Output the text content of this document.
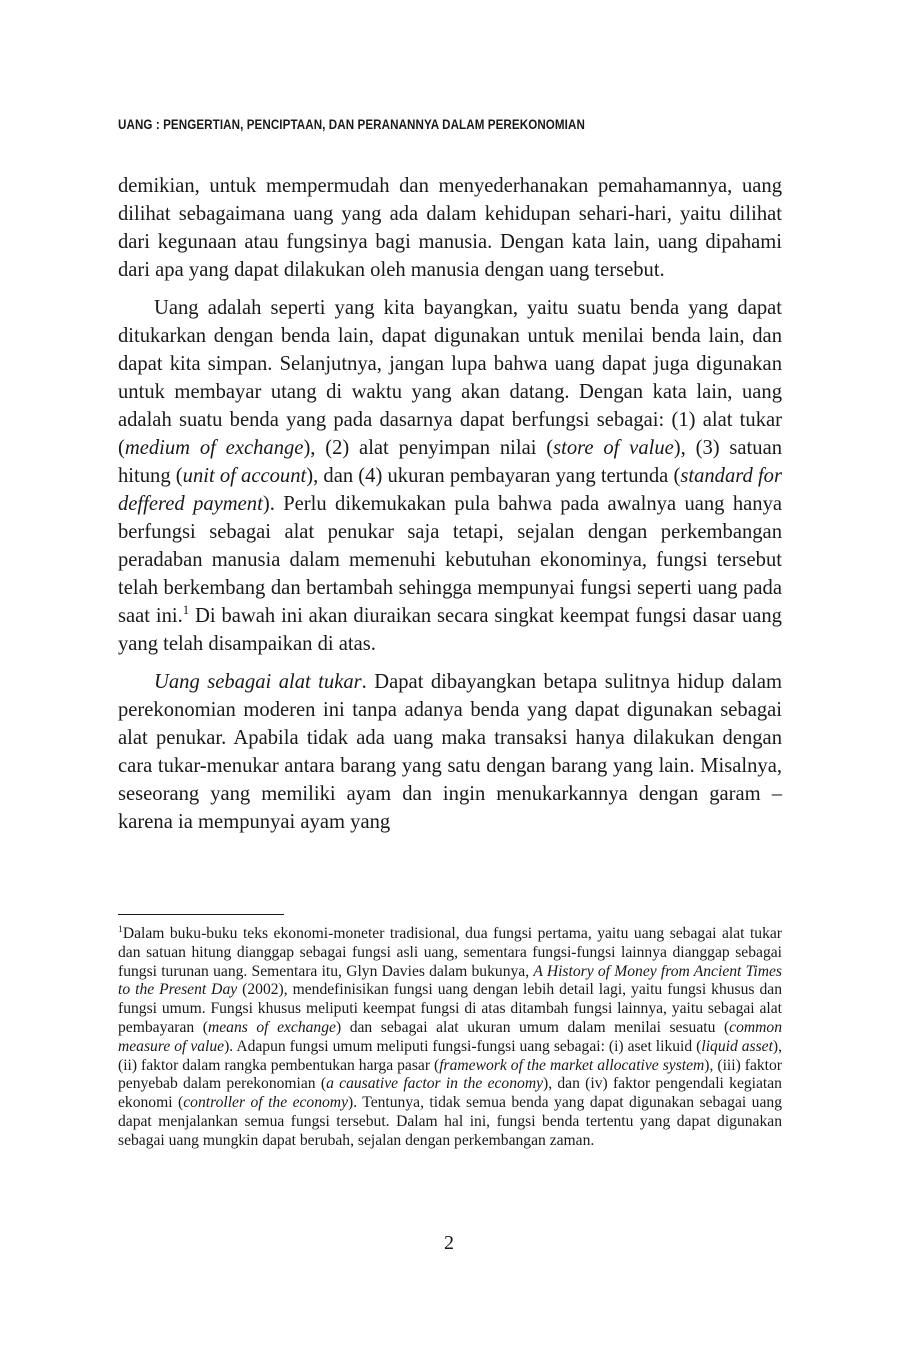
UANG : PENGERTIAN, PENCIPTAAN, DAN PERANANNYA DALAM PEREKONOMIAN

demikian, untuk mempermudah dan menyederhanakan pemahamannya, uang dilihat sebagaimana uang yang ada dalam kehidupan sehari-hari, yaitu dilihat dari kegunaan atau fungsinya bagi manusia. Dengan kata lain, uang dipahami dari apa yang dapat dilakukan oleh manusia dengan uang tersebut.

Uang adalah seperti yang kita bayangkan, yaitu suatu benda yang dapat ditukarkan dengan benda lain, dapat digunakan untuk menilai benda lain, dan dapat kita simpan. Selanjutnya, jangan lupa bahwa uang dapat juga digunakan untuk membayar utang di waktu yang akan datang. Dengan kata lain, uang adalah suatu benda yang pada dasarnya dapat berfungsi sebagai: (1) alat tukar (medium of exchange), (2) alat penyimpan nilai (store of value), (3) satuan hitung (unit of account), dan (4) ukuran pembayaran yang tertunda (standard for deffered payment). Perlu dikemukakan pula bahwa pada awalnya uang hanya berfungsi sebagai alat penukar saja tetapi, sejalan dengan perkembangan peradaban manusia dalam memenuhi kebutuhan ekonominya, fungsi tersebut telah berkembang dan bertambah sehingga mempunyai fungsi seperti uang pada saat ini.$^1$ Di bawah ini akan diuraikan secara singkat keempat fungsi dasar uang yang telah disampaikan di atas.

Uang sebagai alat tukar. Dapat dibayangkan betapa sulitnya hidup dalam perekonomian moderen ini tanpa adanya benda yang dapat digunakan sebagai alat penukar. Apabila tidak ada uang maka transaksi hanya dilakukan dengan cara tukar-menukar antara barang yang satu dengan barang yang lain. Misalnya, seseorang yang memiliki ayam dan ingin menukarkannya dengan garam – karena ia mempunyai ayam yang

$^1$Dalam buku-buku teks ekonomi-moneter tradisional, dua fungsi pertama, yaitu uang sebagai alat tukar dan satuan hitung dianggap sebagai fungsi asli uang, sementara fungsi-fungsi lainnya dianggap sebagai fungsi turunan uang. Sementara itu, Glyn Davies dalam bukunya, A History of Money from Ancient Times to the Present Day (2002), mendefinisikan fungsi uang dengan lebih detail lagi, yaitu fungsi khusus dan fungsi umum. Fungsi khusus meliputi keempat fungsi di atas ditambah fungsi lainnya, yaitu sebagai alat pembayaran (means of exchange) dan sebagai alat ukuran umum dalam menilai sesuatu (common measure of value). Adapun fungsi umum meliputi fungsi-fungsi uang sebagai: (i) aset likuid (liquid asset), (ii) faktor dalam rangka pembentukan harga pasar (framework of the market allocative system), (iii) faktor penyebab dalam perekonomian (a causative factor in the economy), dan (iv) faktor pengendali kegiatan ekonomi (controller of the economy). Tentunya, tidak semua benda yang dapat digunakan sebagai uang dapat menjalankan semua fungsi tersebut. Dalam hal ini, fungsi benda tertentu yang dapat digunakan sebagai uang mungkin dapat berubah, sejalan dengan perkembangan zaman.

2
